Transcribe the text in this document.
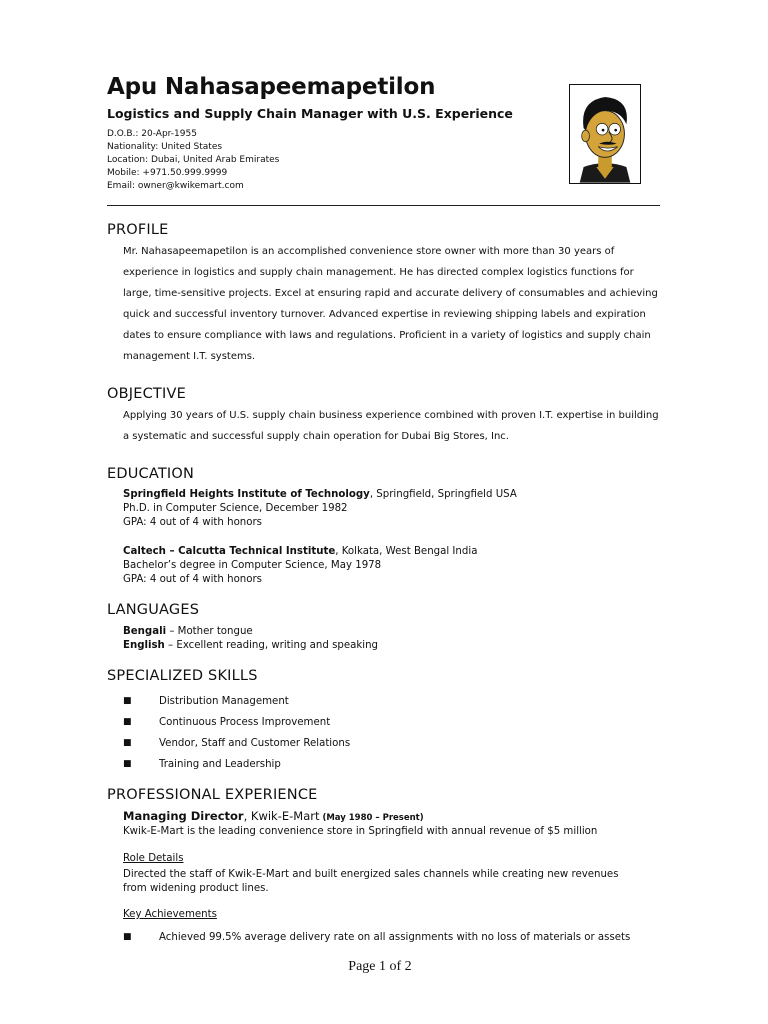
Apu Nahasapeemapetilon
Logistics and Supply Chain Manager with U.S. Experience
D.O.B.: 20-Apr-1955
Nationality: United States
Location: Dubai, United Arab Emirates
Mobile: +971.50.999.9999
Email: owner@kwikemart.com
PROFILE

Mr. Nahasapeemapetilon is an accomplished convenience store owner with more than 30 years of experience in logistics and supply chain management. He has directed complex logistics functions for large, time-sensitive projects. Excel at ensuring rapid and accurate delivery of consumables and achieving quick and successful inventory turnover. Advanced expertise in reviewing shipping labels and expiration dates to ensure compliance with laws and regulations. Proficient in a variety of logistics and supply chain management I.T. systems.

OBJECTIVE

Applying 30 years of U.S. supply chain business experience combined with proven I.T. expertise in building a systematic and successful supply chain operation for Dubai Big Stores, Inc.

EDUCATION
Springfield Heights Institute of Technology, Springfield, Springfield USA
Ph.D. in Computer Science, December 1982
GPA: 4 out of 4 with honors
Caltech – Calcutta Technical Institute, Kolkata, West Bengal India
Bachelor’s degree in Computer Science, May 1978
GPA: 4 out of 4 with honors
LANGUAGES
Bengali – Mother tongue
English – Excellent reading, writing and speaking
SPECIALIZED SKILLS
■	Distribution Management
■	Continuous Process Improvement
■	Vendor, Staff and Customer Relations
■	Training and Leadership
PROFESSIONAL EXPERIENCE
Managing Director, Kwik-E-Mart (May 1980 – Present)
Kwik-E-Mart is the leading convenience store in Springfield with annual revenue of $5 million
Role Details
Directed the staff of Kwik-E-Mart and built energized sales channels while creating new revenues from widening product lines.
Key Achievements
■	Achieved 99.5% average delivery rate on all assignments with no loss of materials or assets
Page 1 of 2
